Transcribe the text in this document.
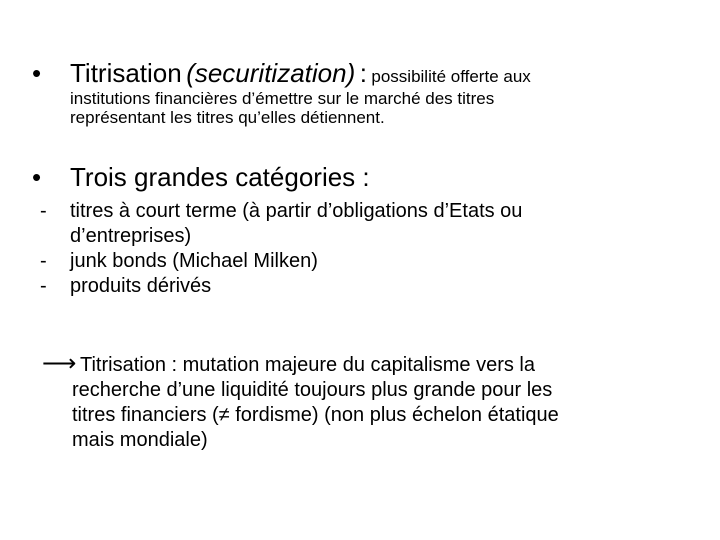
•	Titrisation
(securitization)
:
possibilité offerte aux
institutions financières d’émettre sur le marché des titres
représentant les titres qu’elles détiennent.
•	Trois grandes catégories :
-	titres à court terme (à partir d’obligations d’Etats ou
d’entreprises)
-	junk bonds (Michael Milken)
-	produits dérivés
⟶ Titrisation : mutation majeure du capitalisme vers la
recherche d’une liquidité toujours plus grande pour les
titres financiers (≠ fordisme) (non plus échelon étatique
mais mondiale)
